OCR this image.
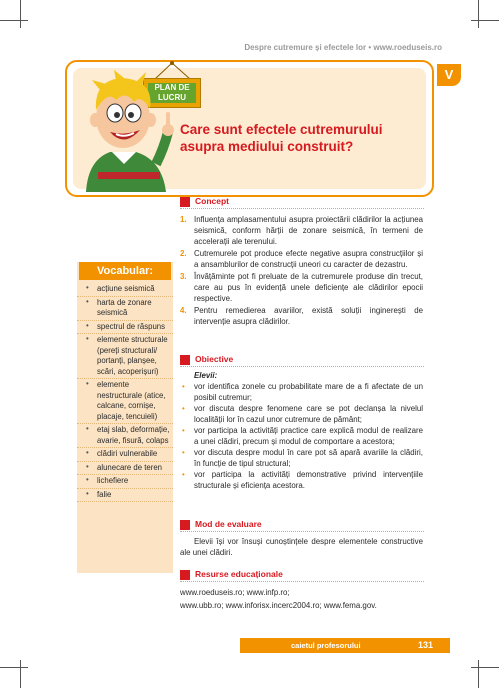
Despre cutremure și efectele lor • www.roeduseis.ro
V
PLAN DE LUCRU
Care sunt efectele cutremurului asupra mediului construit?
Vocabular:
• acțiune seismică
• harta de zonare seismică
• spectrul de răspuns
• elemente structurale (pereți structurali/ portanți, planșee, scări, acoperișuri)
• elemente nestructurale (atice, calcane, cornișe, placaje, tencuieli)
• etaj slab, deformație, avarie, fisură, colaps
• clădiri vulnerabile
• alunecare de teren
• lichefiere
• falie
Concept
1. Influența amplasamentului asupra proiectării clădirilor la acțiunea seismică, conform hărții de zonare seismică, în termeni de accelerații ale terenului.
2. Cutremurele pot produce efecte negative asupra construcțiilor și a ansamblurilor de construcții uneori cu caracter de dezastru.
3. Învățăminte pot fi preluate de la cutremurele produse din trecut, care au pus în evidență unele deficiențe ale clădirilor epocii respective.
4. Pentru remedierea avariilor, există soluții inginerești de intervenție asupra clădirilor.
Obiective
Elevii:
• vor identifica zonele cu probabilitate mare de a fi afectate de un posibil cutremur;
• vor discuta despre fenomene care se pot declanșa la nivelul localității lor în cazul unor cutremure de pământ;
• vor participa la activități practice care explică modul de realizare a unei clădiri, precum și modul de comportare a acestora;
• vor discuta despre modul în care pot să apară avariile la clădiri, în funcție de tipul structural;
• vor participa la activități demonstrative privind intervențiile structurale și eficiența acestora.
Mod de evaluare
Elevii își vor însuși cunoștințele despre elementele constructive ale unei clădiri.
Resurse educaționale
www.roeduseis.ro; www.infp.ro;
www.ubb.ro; www.inforisx.incerc2004.ro; www.fema.gov.
caietul profesorului	131
